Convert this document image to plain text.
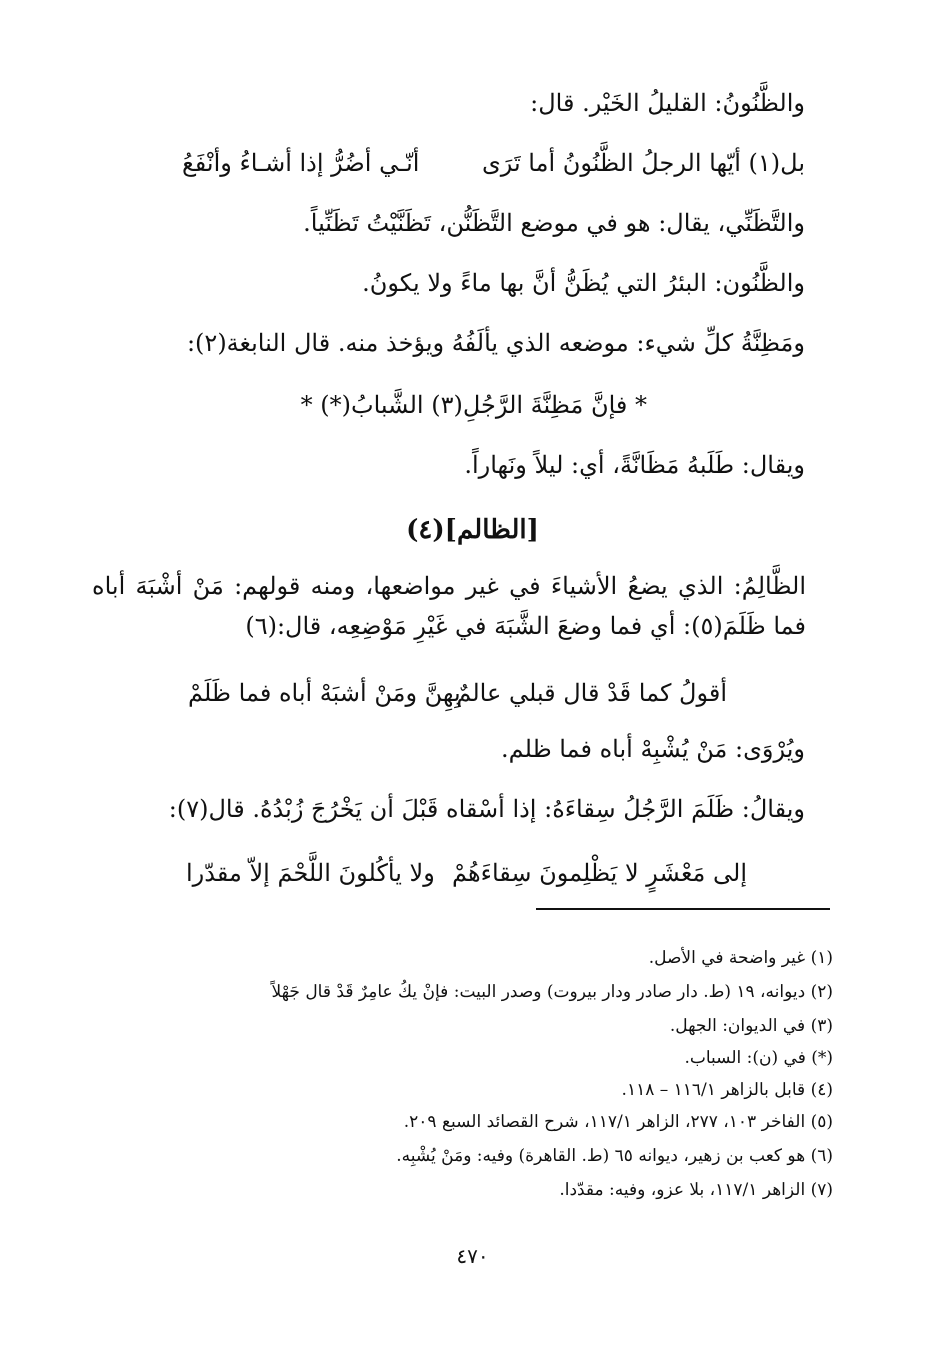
والظَّنُونُ: القليلُ الخَيْر. قال:
بل(١) أيّها الرجلُ الظَّنُونُ أما تَرَى
أنّـي أضُرُّ إذا أشـاءُ وأنْفَعُ
والتَّظَنِّي، يقال: هو في موضع التَّظَنُّن، تَظَنَّيْتُ تَظَنِّياً.
والظَّنُون: البئرُ التي يُظَنُّ أنَّ بها ماءً ولا يكونُ.
ومَظِنَّةُ كلِّ شيء: موضعه الذي يألَفُهُ ويؤخذ منه. قال النابغة(٢):
* فإنَّ مَظِنَّةَ الرَّجُلِ(٣) الشَّبابُ(*) *
ويقال: طَلَبهُ مَظَانَّةً، أي: ليلاً ونَهاراً.
[الظالم](٤)
الظَّالِمُ: الذي يضعُ الأشياءَ في غير مواضعها، ومنه قولهم: مَنْ أشْبَهَ أباه فما ظَلَمَ(٥): أي فما وضعَ الشَّبَهَ في غَيْرِ مَوْضِعِه، قال:(٦)
أقولُ كما قَدْ قال قبلي عالمٌ
بِهِنَّ ومَنْ أشبَهْ أباه فما ظَلَمْ
ويُرْوَى: مَنْ يُشْبِهْ أباه فما ظلم.
ويقالُ: ظَلَمَ الرَّجُلُ سِقاءَهُ: إذا أسْقاه قَبْلَ أن يَخْرُجَ زُبْدُهُ. قال(٧):
إلى مَعْشَرٍ لا يَظْلِمونَ سِقاءَهُمْ
ولا يأكُلونَ اللَّحْمَ إلاّ مقدّرا
(١) غير واضحة في الأصل.
(٢) ديوانه، ١٩ (ط. دار صادر ودار بيروت) وصدر البيت: فإنْ يكُ عامِرٌ قَدْ قال جَهْلاً
(٣) في الديوان: الجهل.
(*) في (ن): السباب.
(٤) قابل بالزاهر ١١٦/١ – ١١٨.
(٥) الفاخر ١٠٣، ٢٧٧، الزاهر ١١٧/١، شرح القصائد السبع ٢٠٩.
(٦) هو كعب بن زهير، ديوانه ٦٥ (ط. القاهرة) وفيه: ومَنْ يُشْبِه.
(٧) الزاهر ١١٧/١، بلا عزو، وفيه: مقدّدا.
٤٧٠
